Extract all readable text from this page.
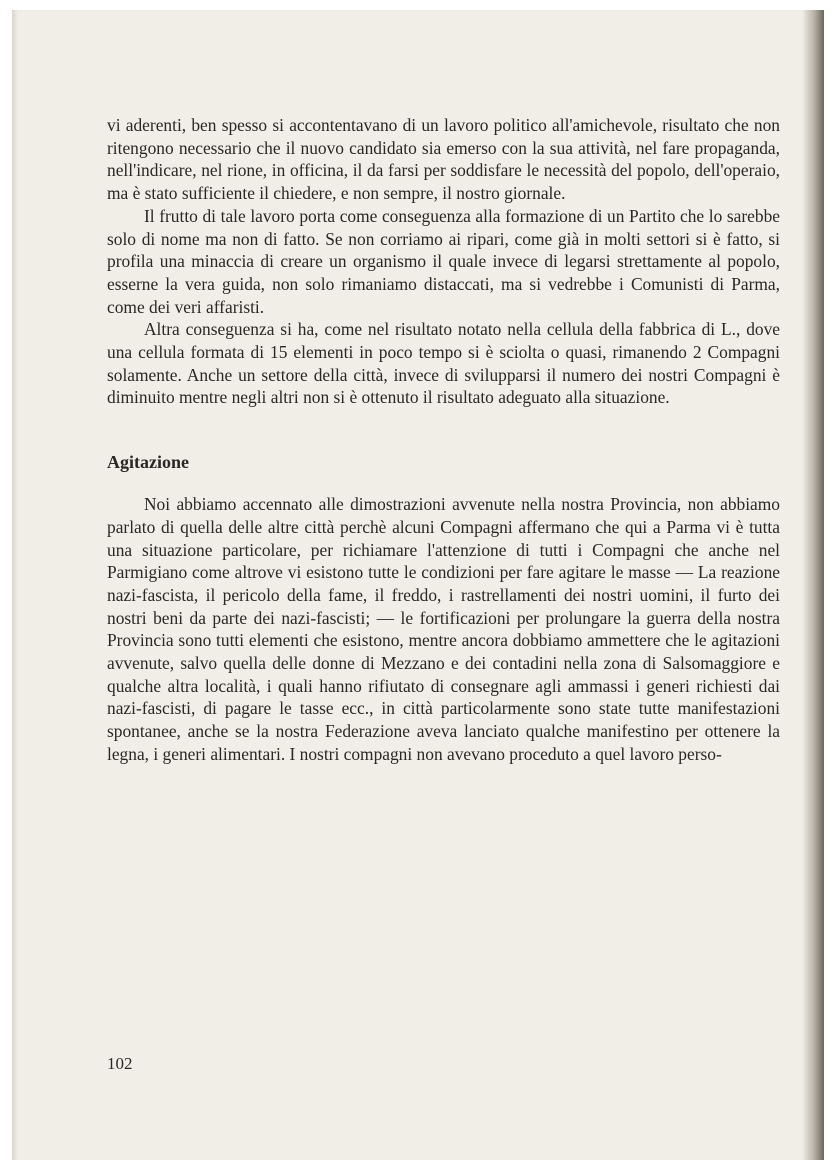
vi aderenti, ben spesso si accontentavano di un lavoro politico all'amichevole, risultato che non ritengono necessario che il nuovo candidato sia emerso con la sua attività, nel fare propaganda, nell'indicare, nel rione, in officina, il da farsi per soddisfare le necessità del popolo, dell'operaio, ma è stato sufficiente il chiedere, e non sempre, il nostro giornale.

Il frutto di tale lavoro porta come conseguenza alla formazione di un Partito che lo sarebbe solo di nome ma non di fatto. Se non corriamo ai ripari, come già in molti settori si è fatto, si profila una minaccia di creare un organismo il quale invece di legarsi strettamente al popolo, esserne la vera guida, non solo rimaniamo distaccati, ma si vedrebbe i Comunisti di Parma, come dei veri affaristi.

Altra conseguenza si ha, come nel risultato notato nella cellula della fabbrica di L., dove una cellula formata di 15 elementi in poco tempo si è sciolta o quasi, rimanendo 2 Compagni solamente. Anche un settore della città, invece di svilupparsi il numero dei nostri Compagni è diminuito mentre negli altri non si è ottenuto il risultato adeguato alla situazione.

Agitazione

Noi abbiamo accennato alle dimostrazioni avvenute nella nostra Provincia, non abbiamo parlato di quella delle altre città perchè alcuni Compagni affermano che qui a Parma vi è tutta una situazione particolare, per richiamare l'attenzione di tutti i Compagni che anche nel Parmigiano come altrove vi esistono tutte le condizioni per fare agitare le masse — La reazione nazi-fascista, il pericolo della fame, il freddo, i rastrellamenti dei nostri uomini, il furto dei nostri beni da parte dei nazi-fascisti; — le fortificazioni per prolungare la guerra della nostra Provincia sono tutti elementi che esistono, mentre ancora dobbiamo ammettere che le agitazioni avvenute, salvo quella delle donne di Mezzano e dei contadini nella zona di Salsomaggiore e qualche altra località, i quali hanno rifiutato di consegnare agli ammassi i generi richiesti dai nazi-fascisti, di pagare le tasse ecc., in città particolarmente sono state tutte manifestazioni spontanee, anche se la nostra Federazione aveva lanciato qualche manifestino per ottenere la legna, i generi alimentari. I nostri compagni non avevano proceduto a quel lavoro perso-

102
